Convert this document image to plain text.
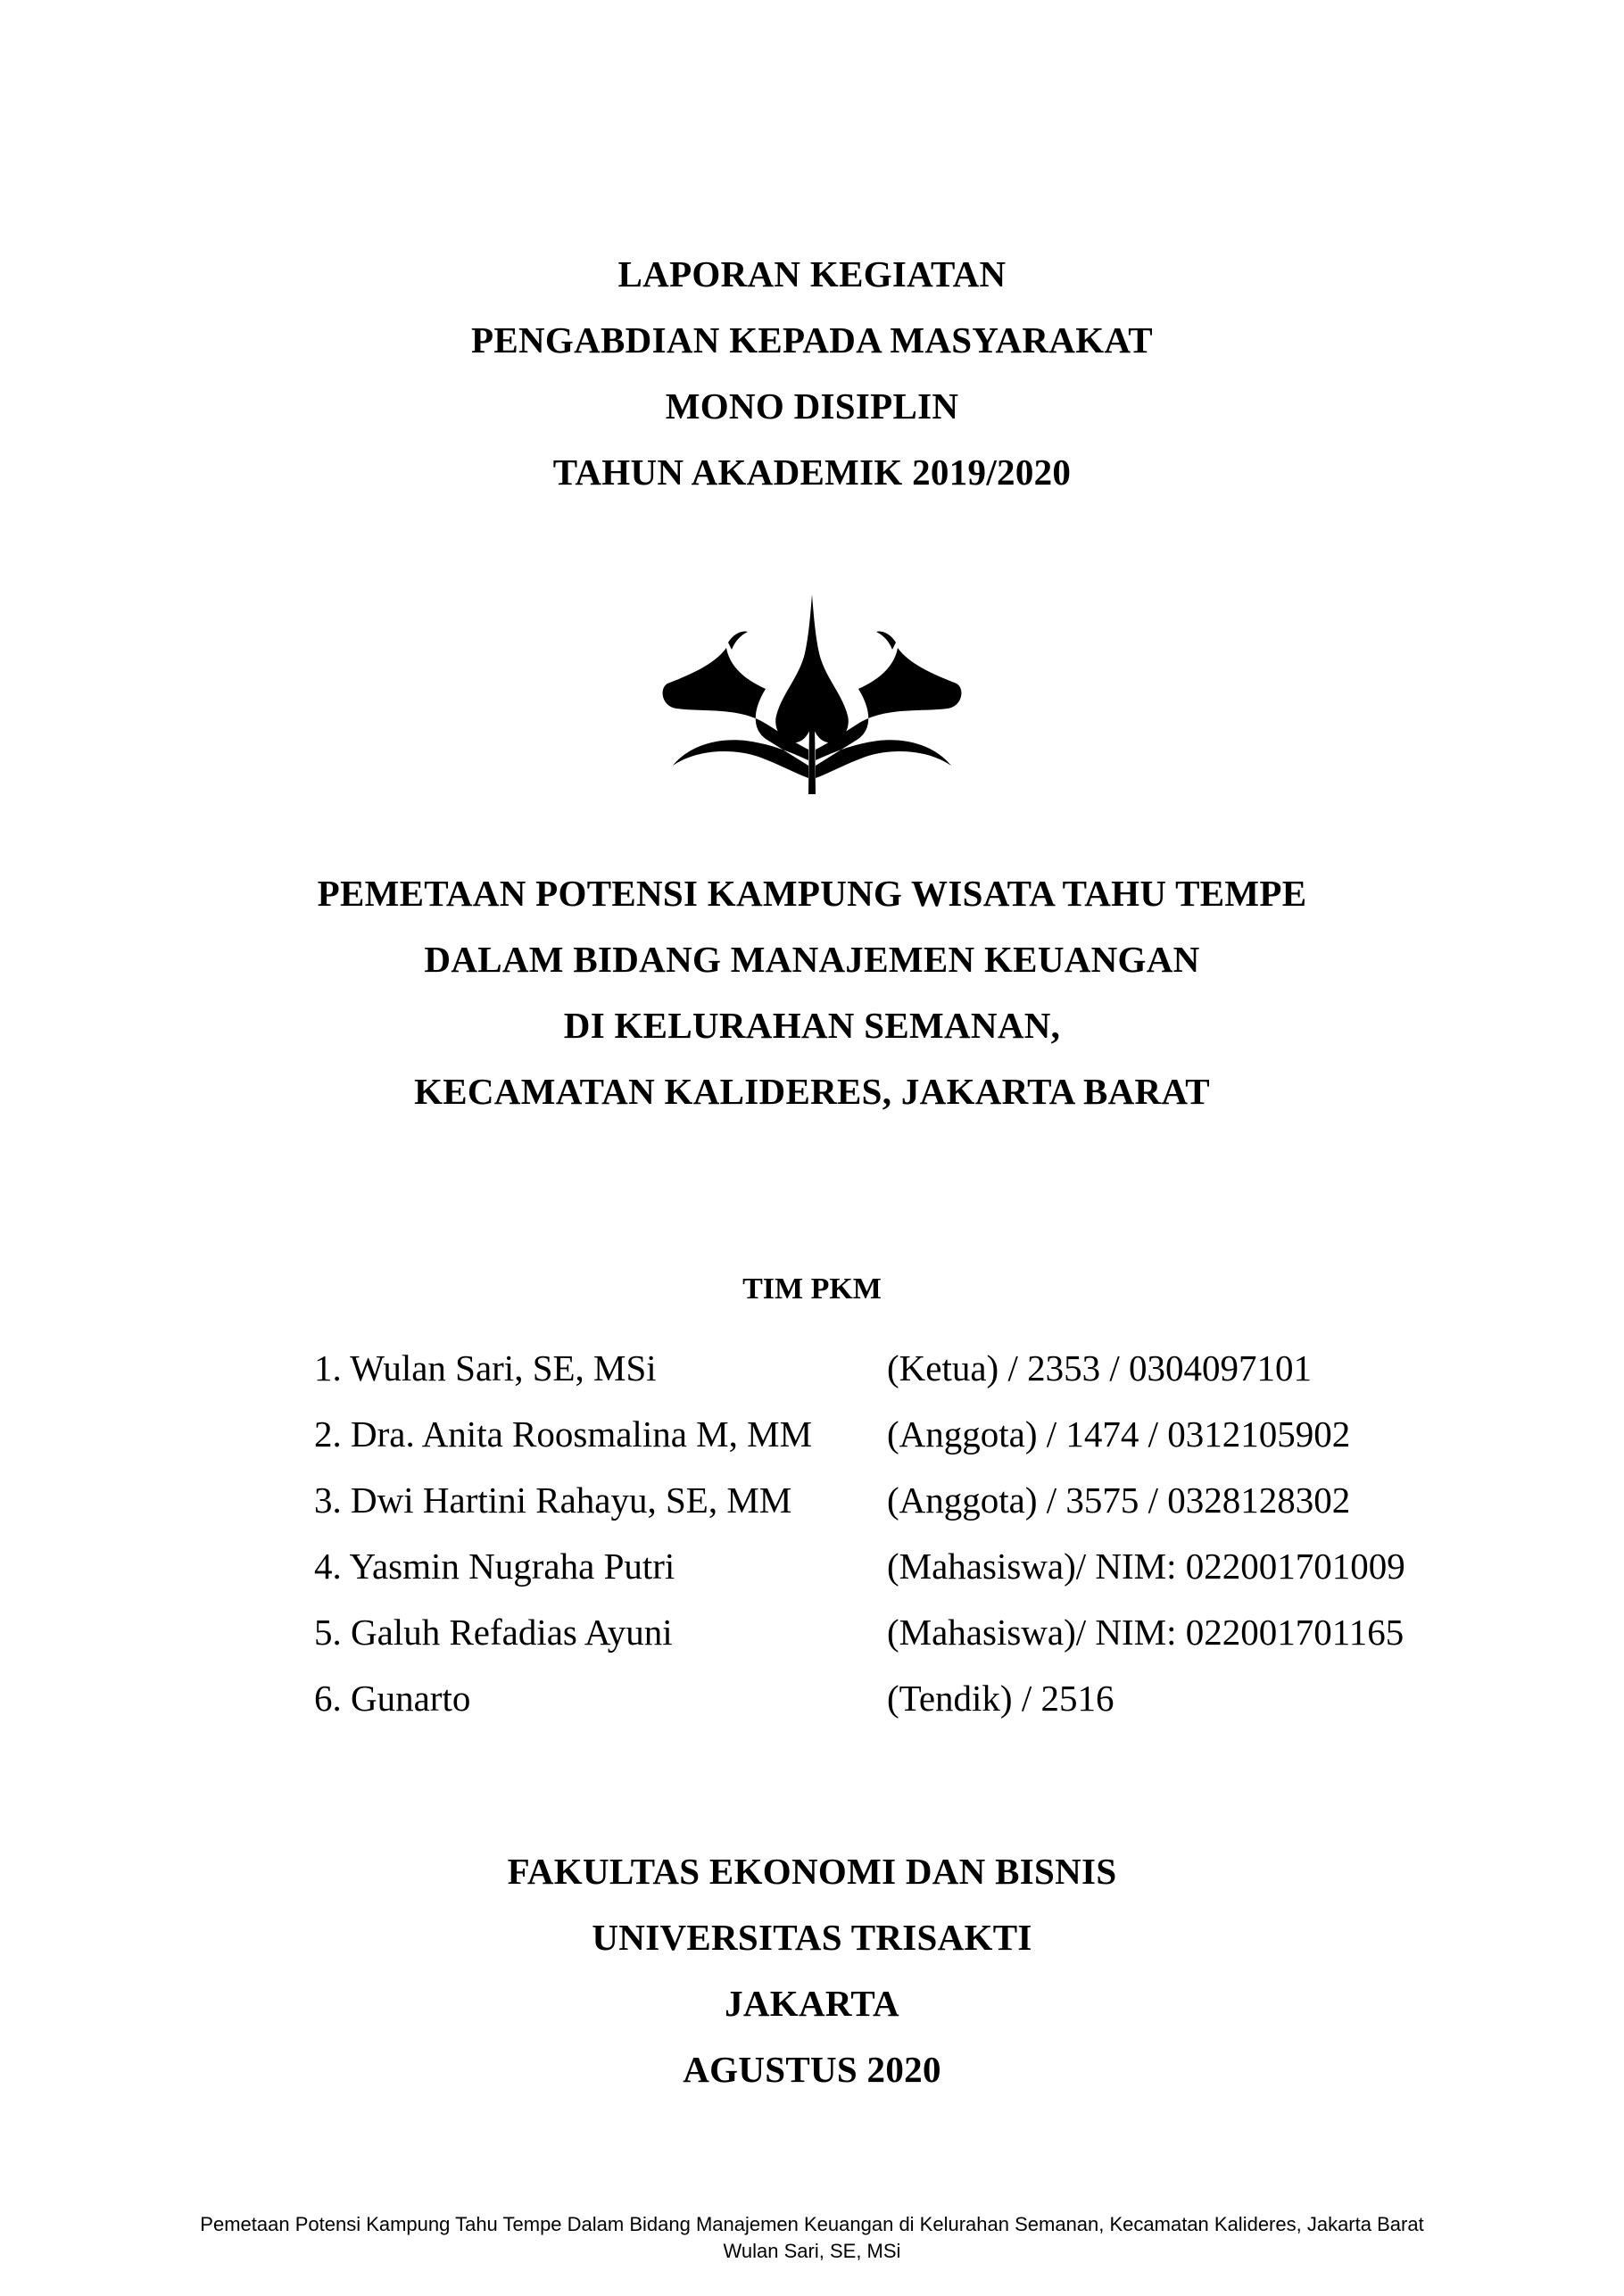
LAPORAN KEGIATAN
PENGABDIAN KEPADA MASYARAKAT
MONO DISIPLIN
TAHUN AKADEMIK 2019/2020
PEMETAAN POTENSI KAMPUNG WISATA TAHU TEMPE
DALAM BIDANG MANAJEMEN KEUANGAN
DI KELURAHAN SEMANAN,
KECAMATAN KALIDERES, JAKARTA BARAT
TIM PKM
1. Wulan Sari, SE, MSi	(Ketua) / 2353 / 0304097101
2. Dra. Anita Roosmalina M, MM (Anggota) / 1474 / 0312105902
3. Dwi Hartini Rahayu, SE, MM	(Anggota) / 3575 / 0328128302
4. Yasmin Nugraha Putri	(Mahasiswa)/ NIM: 022001701009
5. Galuh Refadias Ayuni	(Mahasiswa)/ NIM: 022001701165
6. Gunarto	(Tendik) / 2516
FAKULTAS EKONOMI DAN BISNIS
UNIVERSITAS TRISAKTI
JAKARTA
AGUSTUS 2020
Pemetaan Potensi Kampung Tahu Tempe Dalam Bidang Manajemen Keuangan di Kelurahan Semanan, Kecamatan Kalideres, Jakarta Barat
Wulan Sari, SE, MSi
